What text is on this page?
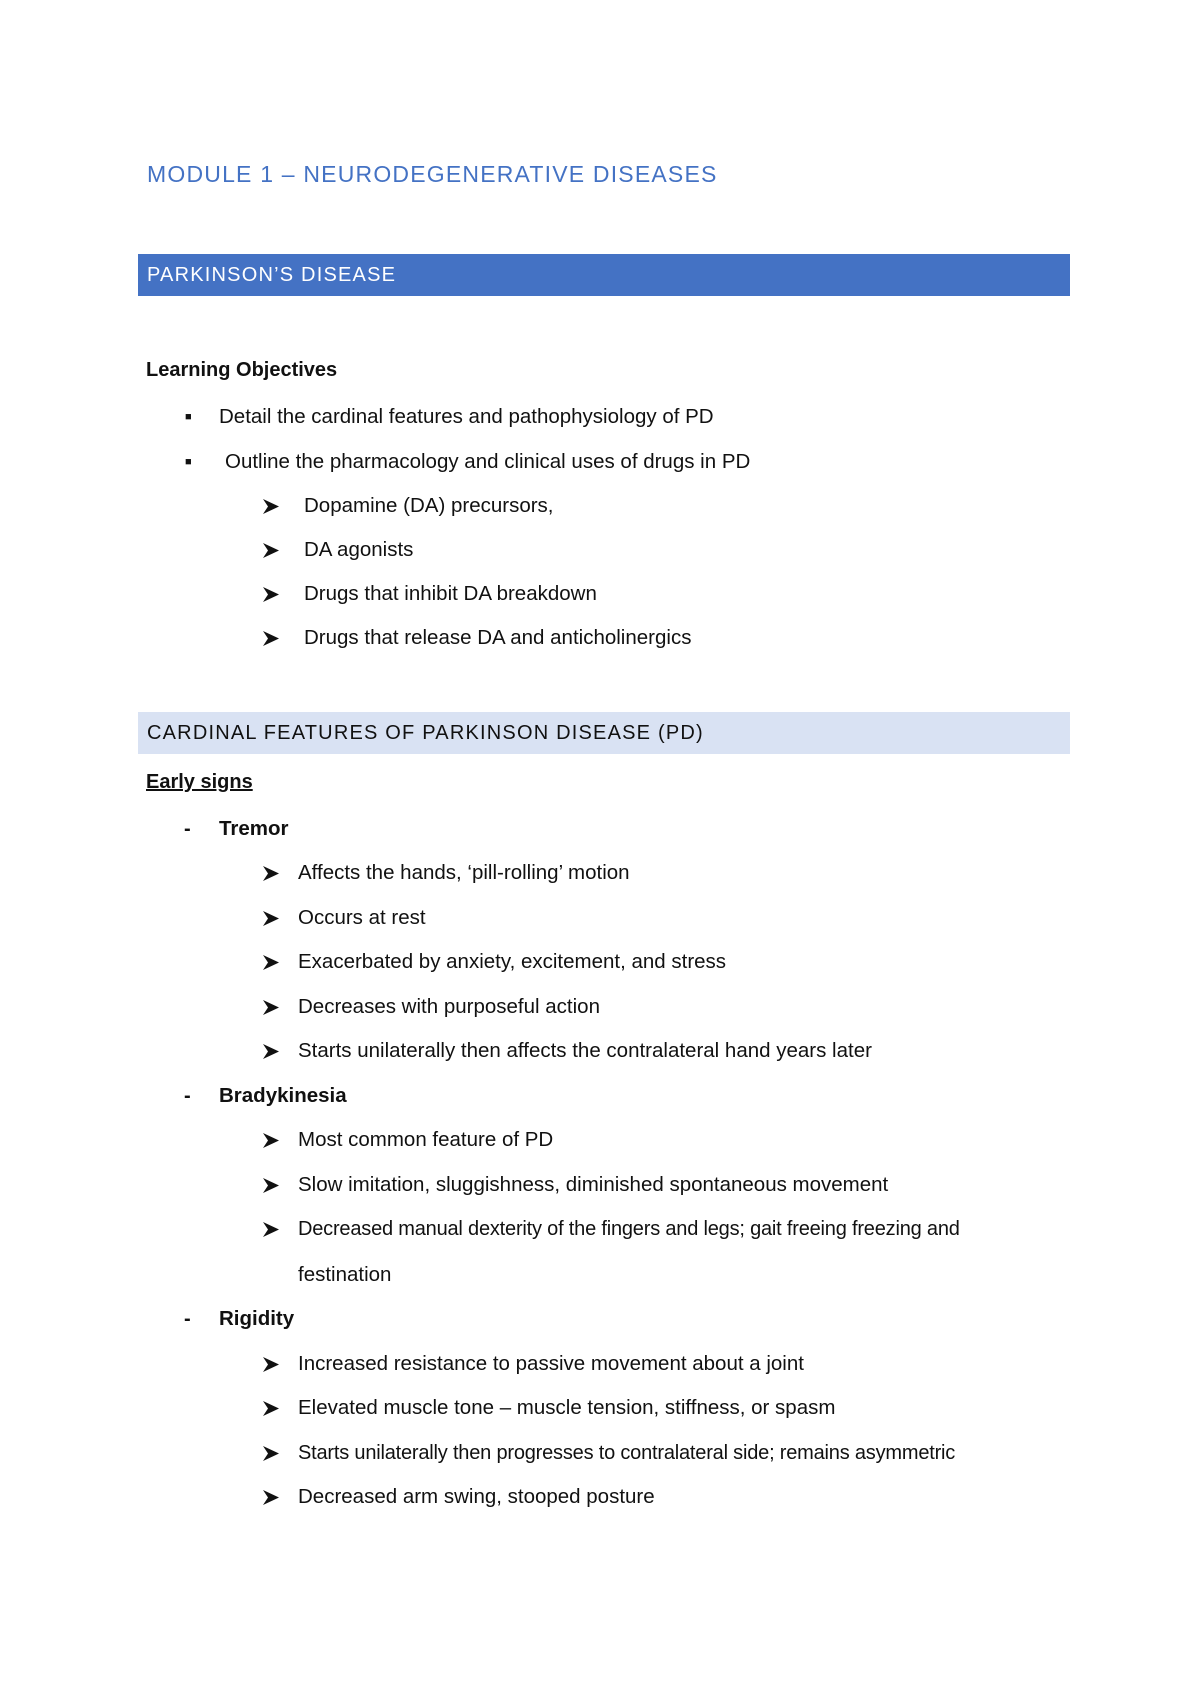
MODULE 1 – NEURODEGENERATIVE DISEASES
PARKINSON’S DISEASE
Learning Objectives
■ Detail the cardinal features and pathophysiology of PD
■ Outline the pharmacology and clinical uses of drugs in PD
Dopamine (DA) precursors,
DA agonists
Drugs that inhibit DA breakdown
Drugs that release DA and anticholinergics
CARDINAL FEATURES OF PARKINSON DISEASE (PD)
Early signs
- Tremor
Affects the hands, ‘pill-rolling’ motion
Occurs at rest
Exacerbated by anxiety, excitement, and stress
Decreases with purposeful action
Starts unilaterally then affects the contralateral hand years later
- Bradykinesia
Most common feature of PD
Slow imitation, sluggishness, diminished spontaneous movement
Decreased manual dexterity of the fingers and legs; gait freeing freezing and
festination
- Rigidity
Increased resistance to passive movement about a joint
Elevated muscle tone – muscle tension, stiffness, or spasm
Starts unilaterally then progresses to contralateral side; remains asymmetric
Decreased arm swing, stooped posture
